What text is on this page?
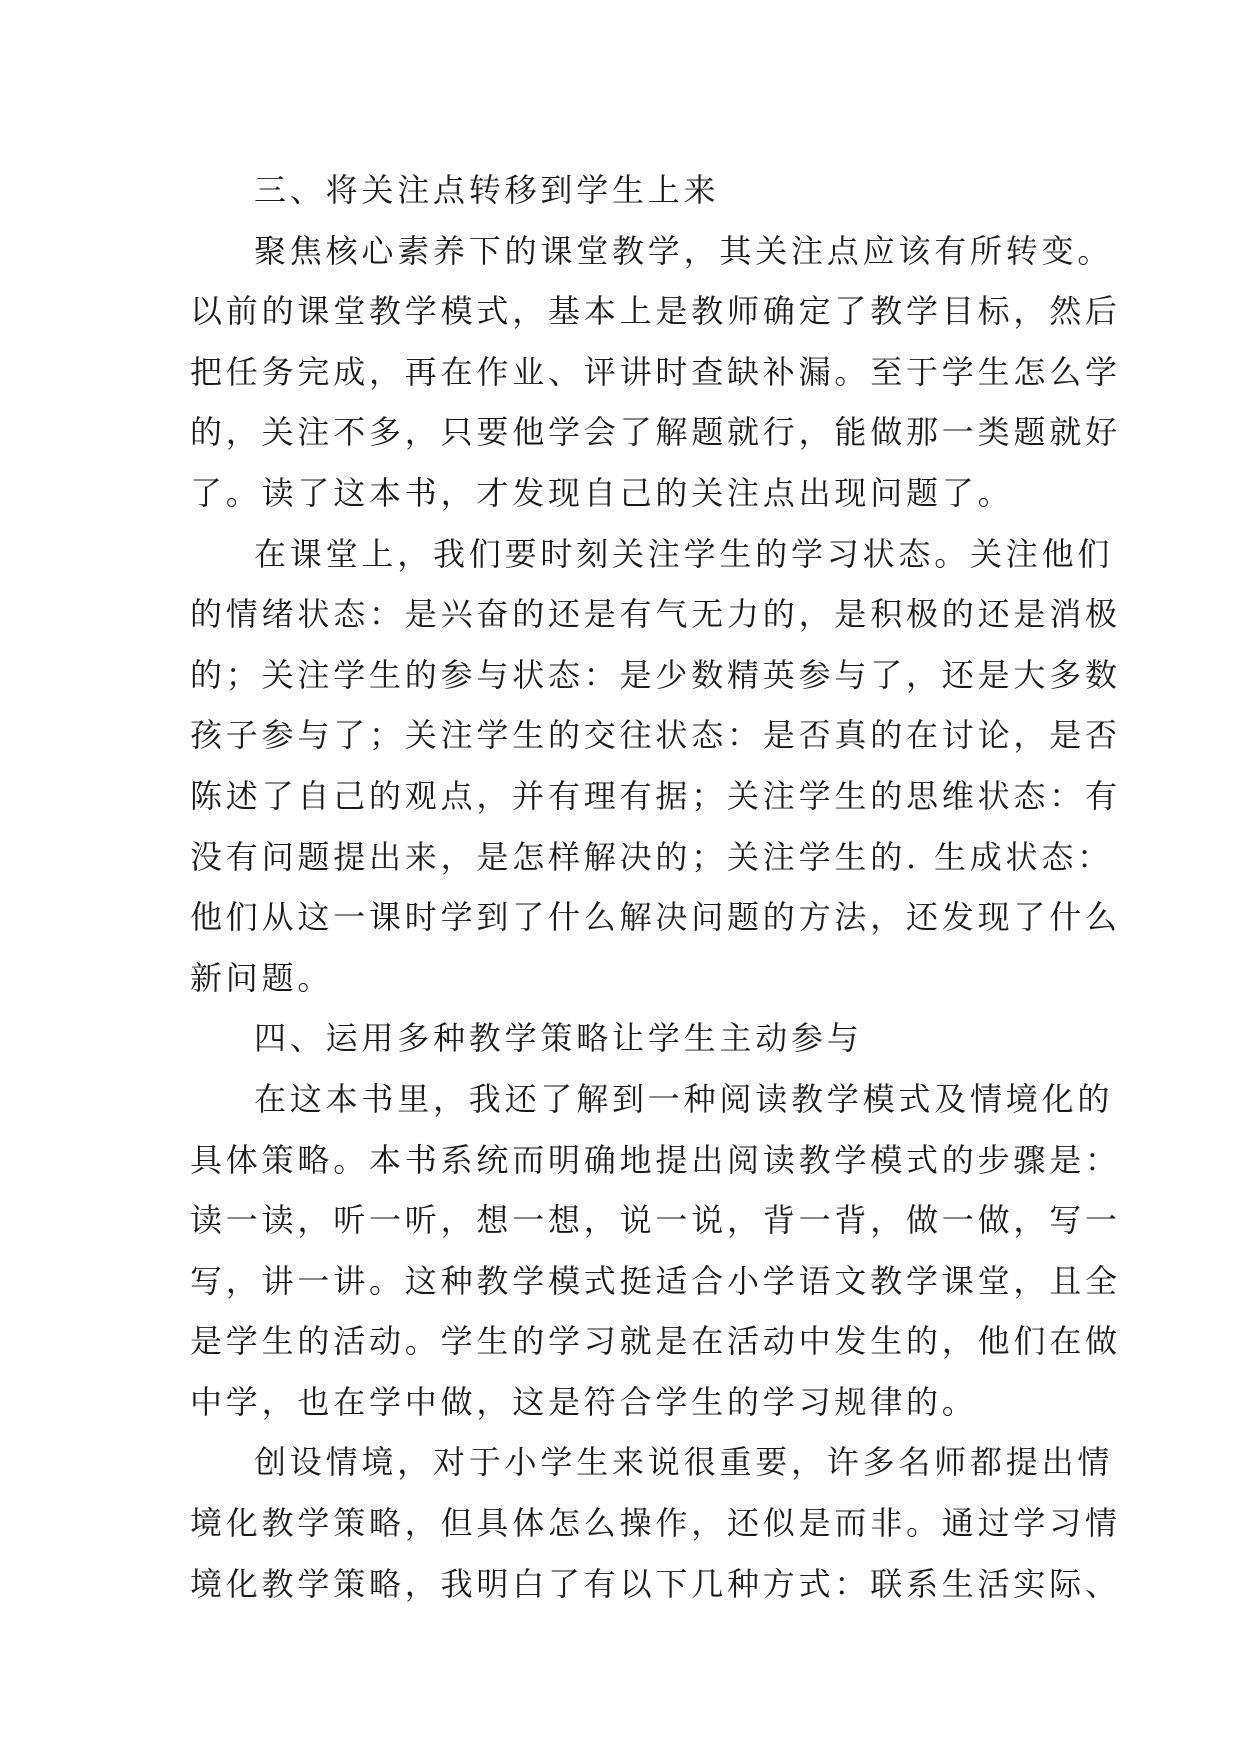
三、将关注点转移到学生上来
聚焦核心素养下的课堂教学，其关注点应该有所转变。
以前的课堂教学模式，基本上是教师确定了教学目标，然后
把任务完成，再在作业、评讲时查缺补漏。至于学生怎么学
的，关注不多，只要他学会了解题就行，能做那一类题就好
了。读了这本书，才发现自己的关注点出现问题了。
在课堂上，我们要时刻关注学生的学习状态。关注他们
的情绪状态：是兴奋的还是有气无力的，是积极的还是消极
的；关注学生的参与状态：是少数精英参与了，还是大多数
孩子参与了；关注学生的交往状态：是否真的在讨论，是否
陈述了自己的观点，并有理有据；关注学生的思维状态：有
没有问题提出来，是怎样解决的；关注学生的. 生成状态：
他们从这一课时学到了什么解决问题的方法，还发现了什么
新问题。
四、运用多种教学策略让学生主动参与
在这本书里，我还了解到一种阅读教学模式及情境化的
具体策略。本书系统而明确地提出阅读教学模式的步骤是：
读一读，听一听，想一想，说一说，背一背，做一做，写一
写，讲一讲。这种教学模式挺适合小学语文教学课堂，且全
是学生的活动。学生的学习就是在活动中发生的，他们在做
中学，也在学中做，这是符合学生的学习规律的。
创设情境，对于小学生来说很重要，许多名师都提出情
境化教学策略，但具体怎么操作，还似是而非。通过学习情
境化教学策略，我明白了有以下几种方式：联系生活实际、
